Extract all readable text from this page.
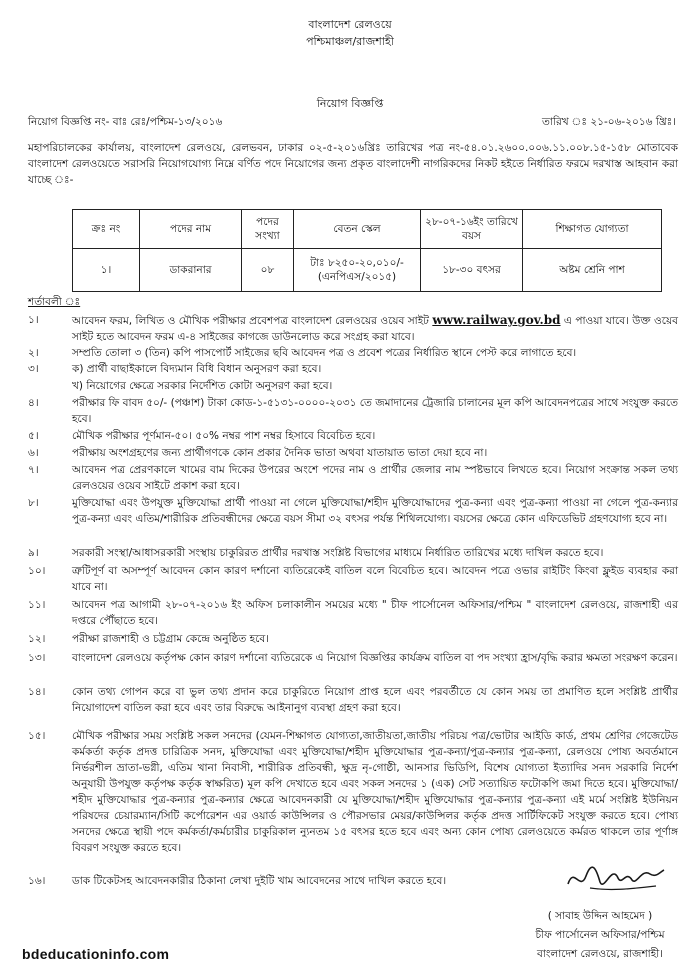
বাংলাদেশ রেলওয়ে
পশ্চিমাঞ্চল/রাজশাহী
নিয়োগ বিজ্ঞপ্তি
নিয়োগ বিজ্ঞপ্তি নং- বাঃ রেঃ/পশ্চিম-১৩/২০১৬	তারিখ ঃ ২১-০৬-২০১৬ খ্রিঃ।
মহাপরিচালকের কার্যালয়, বাংলাদেশ রেলওয়ে, রেলভবন, ঢাকার ০২-৫-২০১৬খ্রিঃ তারিখের পত্র নং-৫৪.০১.২৬০০.০০৬.১১.০০৮.১৫-১৫৮ মোতাবেক বাংলাদেশ রেলওয়েতে সরাসরি নিয়োগযোগ্য নিম্নে বর্ণিত পদে নিয়োগের জন্য প্রকৃত বাংলাদেশী নাগরিকদের নিকট হইতে নির্ধারিত ফরমে দরখাস্ত আহবান করা যাচ্ছে ঃ-
ক্রঃ নং	পদের নাম	পদের সংখ্যা	বেতন স্কেল	২৮-০৭-১৬ইং তারিখে বয়স	শিক্ষাগত যোগ্যতা
১।	ডাকরানার	০৮	টাঃ ৮২৫০-২০,০১০/- (এনপিএস/২০১৫)	১৮-৩০ বৎসর	অষ্টম শ্রেনি পাশ
শর্তাবলী ঃ
১।	আবেদন ফরম, লিখিত ও মৌখিক পরীক্ষার প্রবেশপত্র বাংলাদেশ রেলওয়ের ওয়েব সাইট www.railway.gov.bd এ পাওয়া যাবে। উক্ত ওয়েব সাইট হতে আবেদন ফরম এ-৪ সাইজের কাগজে ডাউনলোড করে সংগ্রহ করা যাবে।
২।	সম্প্রতি তোলা ৩ (তিন) কপি পাসপোর্ট সাইজের ছবি আবেদন পত্র ও প্রবেশ পত্রের নির্ধারিত স্থানে পেস্ট করে লাগাতে হবে।
৩।	ক) প্রার্থী বাছাইকালে বিদ্যমান বিধি বিধান অনুসরণ করা হবে।
খ) নিয়োগের ক্ষেত্রে সরকার নির্দেশিত কোটা অনুসরণ করা হবে।
৪।	পরীক্ষার ফি বাবদ ৫০/- (পঞ্চাশ) টাকা কোড-১-৫১৩১-০০০০-২০৩১ তে জমাদানের ট্রেজারি চালানের মূল কপি আবেদনপত্রের সাথে সংযুক্ত করতে হবে।
৫।	মৌখিক পরীক্ষার পূর্ণমান-৫০। ৫০% নম্বর পাশ নম্বর হিসাবে বিবেচিত হবে।
৬।	পরীক্ষায় অংশগ্রহণের জন্য প্রার্থীগণকে কোন প্রকার দৈনিক ভাতা অথবা যাতায়াত ভাতা দেয়া হবে না।
৭।	আবেদন পত্র প্রেরণকালে খামের বাম দিকের উপরের অংশে পদের নাম ও প্রার্থীর জেলার নাম স্পষ্টভাবে লিখতে হবে। নিয়োগ সংক্রান্ত সকল তথ্য রেলওয়ের ওয়েব সাইটে প্রকাশ করা হবে।
৮।	মুক্তিযোদ্ধা এবং উপযুক্ত মুক্তিযোদ্ধা প্রার্থী পাওয়া না গেলে মুক্তিযোদ্ধা/শহীদ মুক্তিযোদ্ধাদের পুত্র-কন্যা এবং পুত্র-কন্যা পাওয়া না গেলে পুত্র-কন্যার পুত্র-কন্যা এবং এতিম/শারীরিক প্রতিবন্ধীদের ক্ষেত্রে বয়স সীমা ৩২ বৎসর পর্যন্ত শিথিলযোগ্য। বয়সের ক্ষেত্রে কোন এফিডেভিট গ্রহণযোগ্য হবে না।
৯।	সরকারী সংস্থা/আধাসরকারী সংস্থায় চাকুরিরত প্রার্থীর দরখাস্ত সংশ্লিষ্ট বিভাগের মাধ্যমে নির্ধারিত তারিখের মধ্যে দাখিল করতে হবে।
১০।	ত্রুটিপূর্ণ বা অসম্পূর্ণ আবেদন কোন কারণ দর্শানো ব্যতিরেকেই বাতিল বলে বিবেচিত হবে। আবেদন পত্রে ওভার রাইটিং কিংবা ফ্লুইড ব্যবহার করা যাবে না।
১১।	আবেদন পত্র আগামী ২৮-০৭-২০১৬ ইং অফিস চলাকালীন সময়ের মধ্যে " চীফ পার্সোনেল অফিসার/পশ্চিম " বাংলাদেশ রেলওয়ে, রাজশাহী এর দপ্তরে পৌঁছাতে হবে।
১২।	পরীক্ষা রাজশাহী ও চট্টগ্রাম কেন্দ্রে অনুষ্ঠিত হবে।
১৩।	বাংলাদেশ রেলওয়ে কর্তৃপক্ষ কোন কারণ দর্শানো ব্যতিরেকে এ নিয়োগ বিজ্ঞপ্তির কার্যক্রম বাতিল বা পদ সংখ্যা হ্রাস/বৃদ্ধি করার ক্ষমতা সংরক্ষণ করেন।
১৪।	কোন তথ্য গোপন করে বা ভুল তথ্য প্রদান করে চাকুরিতে নিয়োগ প্রাপ্ত হলে এবং পরবর্তীতে যে কোন সময় তা প্রমাণিত হলে সংশ্লিষ্ট প্রার্থীর নিয়োগাদেশ বাতিল করা হবে এবং তার বিরুদ্ধে আইনানুগ ব্যবস্থা গ্রহণ করা হবে।
১৫।	মৌখিক পরীক্ষার সময় সংশ্লিষ্ট সকল সনদের (যেমন-শিক্ষাগত যোগ্যতা,জাতীয়তা,জাতীয় পরিচয় পত্র/ভোটার আইডি কার্ড, প্রথম শ্রেণির গেজেটেড কর্মকর্তা কর্তৃক প্রদত্ত চারিত্রিক সনদ, মুক্তিযোদ্ধা এবং মুক্তিযোদ্ধা/শহীদ মুক্তিযোদ্ধার পুত্র-কন্যা/পুত্র-কন্যার পুত্র-কন্যা, রেলওয়ে পোষ্য অবর্তমানে নির্ভরশীল ভ্রাতা-ভগ্নী, এতিম খানা নিবাসী, শারীরিক প্রতিবন্ধী, ক্ষুদ্র নৃ-গোষ্ঠী, আনসার ভিডিপি, বিশেষ যোগ্যতা ইত্যাদির সনদ সরকারি নির্দেশ অনুযায়ী উপযুক্ত কর্তৃপক্ষ কর্তৃক স্বাক্ষরিত) মূল কপি দেখাতে হবে এবং সকল সনদের ১ (এক) সেট সত্যায়িত ফটোকপি জমা দিতে হবে। মুক্তিযোদ্ধা/শহীদ মুক্তিযোদ্ধার পুত্র-কন্যার পুত্র-কন্যার ক্ষেত্রে আবেদনকারী যে মুক্তিযোদ্ধা/শহীদ মুক্তিযোদ্ধার পুত্র-কন্যার পুত্র-কন্যা এই মর্মে সংশ্লিষ্ট ইউনিয়ন পরিষদের চেয়ারম্যান/সিটি কর্পোরেশন এর ওয়ার্ড কাউন্সিলর ও পৌরসভার মেয়র/কাউন্সিলর কর্তৃক প্রদত্ত সার্টিফিকেট সংযুক্ত করতে হবে। পোষ্য সনদের ক্ষেত্রে স্থায়ী পদে কর্মকর্তা/কর্মচারীর চাকুরিকাল ন্যুনতম ১৫ বৎসর হতে হবে এবং অন্য কোন পোষ্য রেলওয়েতে কর্মরত থাকলে তার পূর্ণাঙ্গ বিবরণ সংযুক্ত করতে হবে।
১৬।	ডাক টিকেটসহ আবেদনকারীর ঠিকানা লেখা দুইটি খাম আবেদনের সাথে দাখিল করতে হবে।
( সাবাহ উদ্দিন আহমেদ )
চীফ পার্সোনেল অফিসার/পশ্চিম
বাংলাদেশ রেলওয়ে, রাজশাহী।
bdeducationinfo.com
